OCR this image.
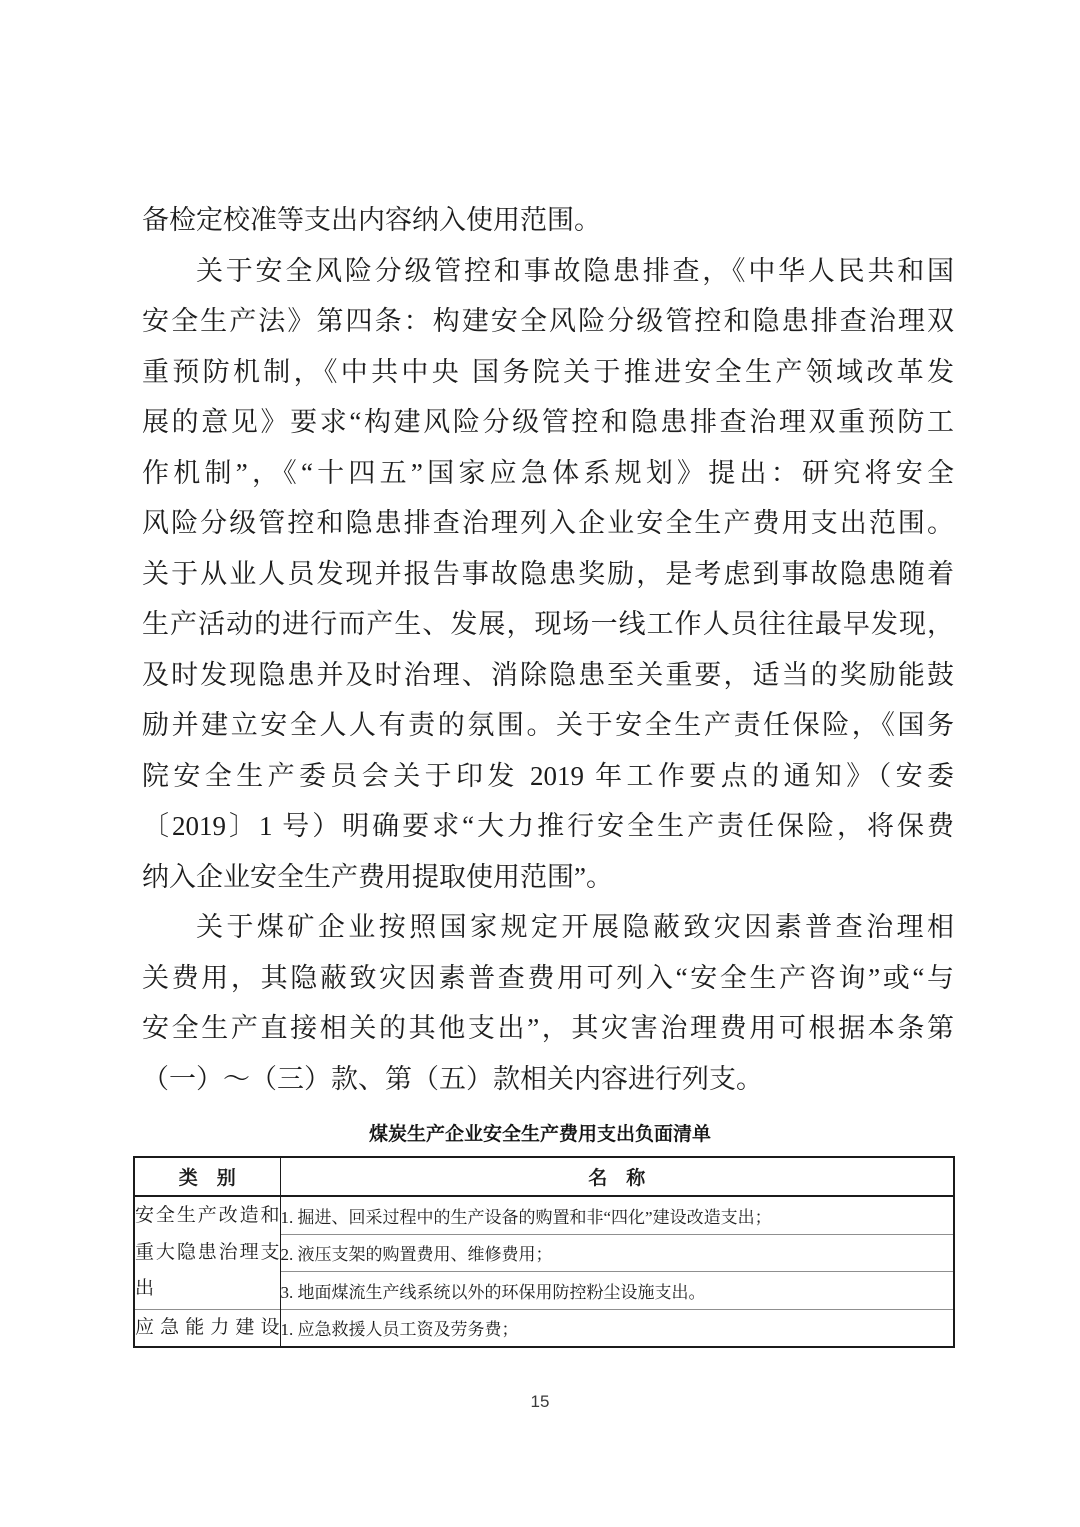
备检定校准等支出内容纳入使用范围。
关于安全风险分级管控和事故隐患排查，《中华人民共和国
安全生产法》第四条：构建安全风险分级管控和隐患排查治理双
重预防机制，《中共中央 国务院关于推进安全生产领域改革发
展的意见》要求“构建风险分级管控和隐患排查治理双重预防工
作机制”，《“十四五”国家应急体系规划》提出：研究将安全
风险分级管控和隐患排查治理列入企业安全生产费用支出范围。
关于从业人员发现并报告事故隐患奖励，是考虑到事故隐患随着
生产活动的进行而产生、发展，现场一线工作人员往往最早发现，
及时发现隐患并及时治理、消除隐患至关重要，适当的奖励能鼓
励并建立安全人人有责的氛围。关于安全生产责任保险，《国务
院安全生产委员会关于印发 2019 年工作要点的通知》（安委
〔2019〕1 号）明确要求“大力推行安全生产责任保险，将保费
纳入企业安全生产费用提取使用范围”。
关于煤矿企业按照国家规定开展隐蔽致灾因素普查治理相
关费用，其隐蔽致灾因素普查费用可列入“安全生产咨询”或“与
安全生产直接相关的其他支出”，其灾害治理费用可根据本条第
（一）～（三）款、第（五）款相关内容进行列支。
煤炭生产企业安全生产费用支出负面清单
类　别	名　称
安全生产改造和重大隐患治理支出	1. 掘进、回采过程中的生产设备的购置和非“四化”建设改造支出；
	2. 液压支架的购置费用、维修费用；
	3. 地面煤流生产线系统以外的环保用防控粉尘设施支出。
应急能力建设	1. 应急救援人员工资及劳务费；
15
